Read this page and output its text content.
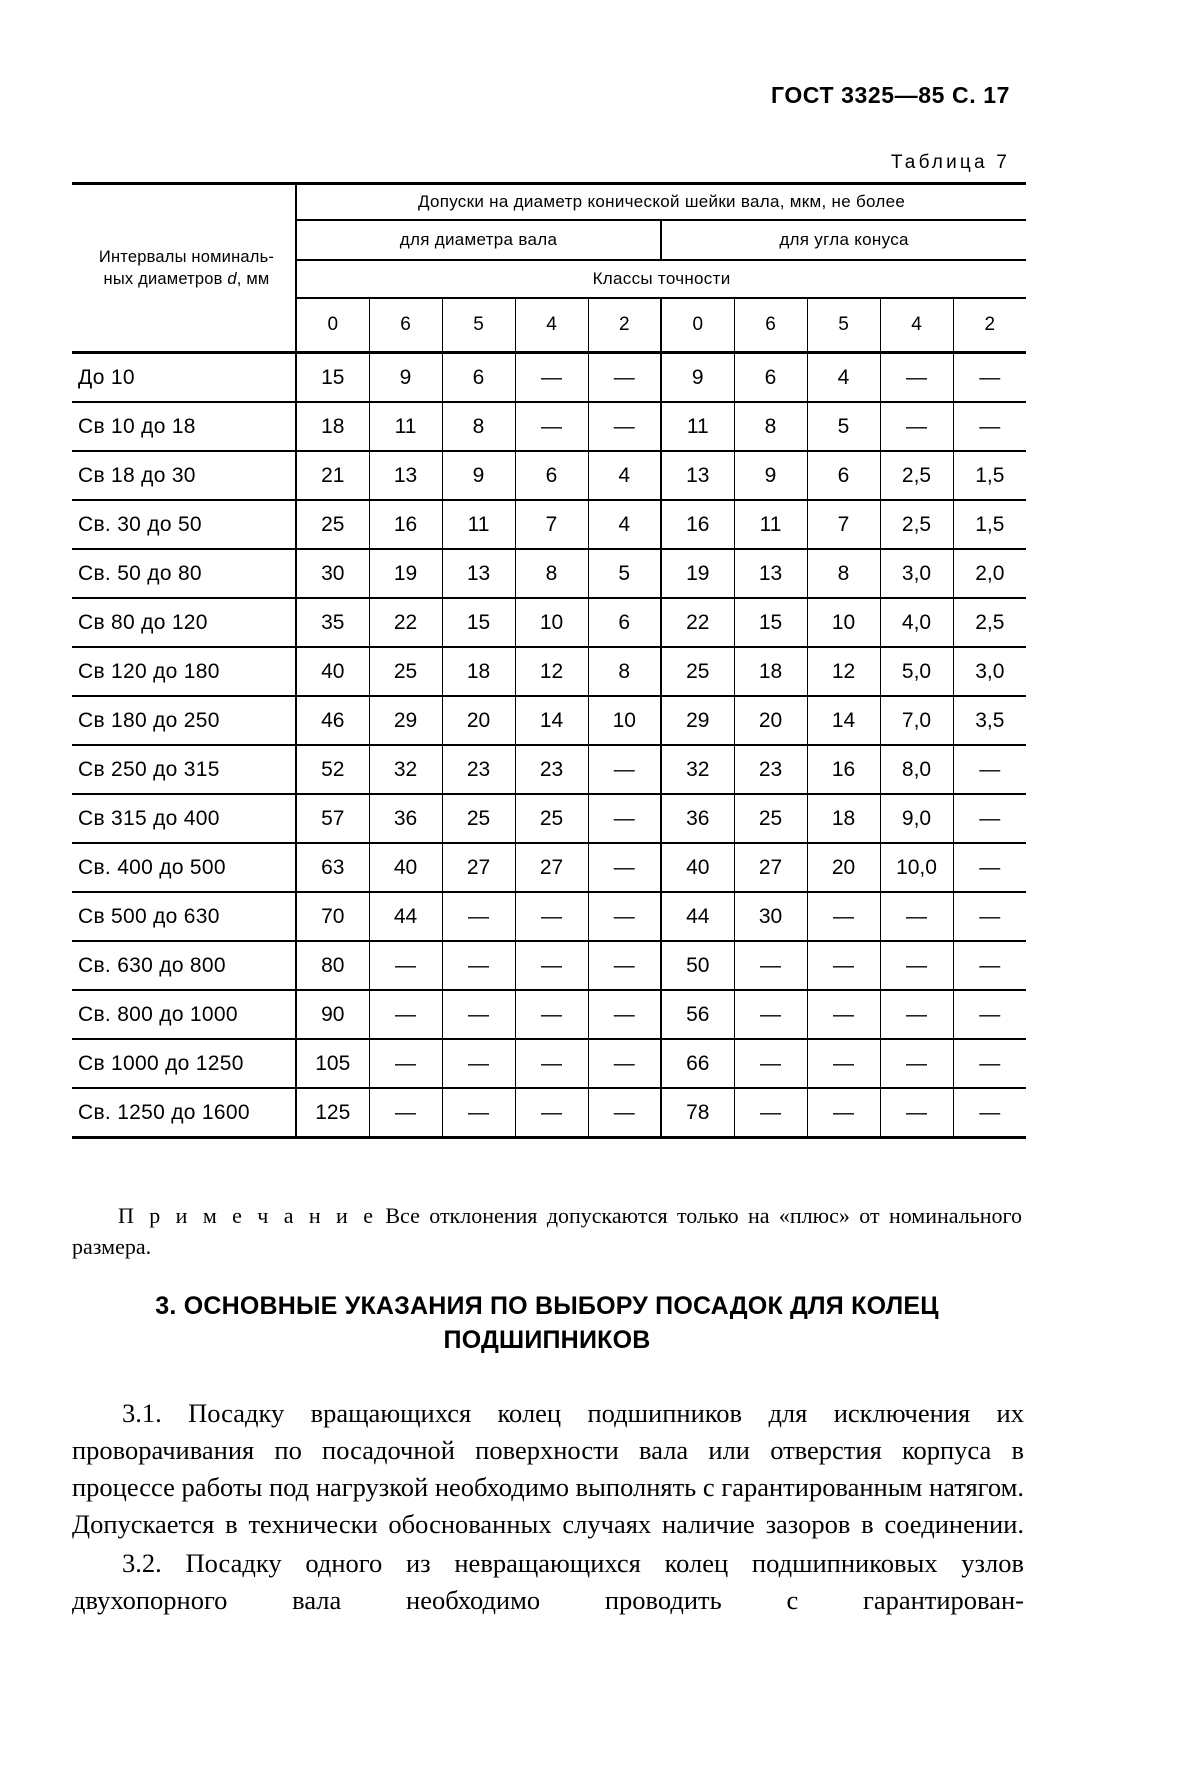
ГОСТ 3325—85 С. 17
Таблица 7
Интервалы номиналь-
ных диаметров d, мм	Допуски на диаметр конической шейки вала, мкм, не более									
	для диаметра вала					для угла конуса				
	Классы точности									
	0	6	5	4	2	0	6	5	4	2
До 10	15	9	6	—	—	9	6	4	—	—
Св 10 до 18	18	11	8	—	—	11	8	5	—	—
Св 18 до 30	21	13	9	6	4	13	9	6	2,5	1,5
Св. 30 до 50	25	16	11	7	4	16	11	7	2,5	1,5
Св. 50 до 80	30	19	13	8	5	19	13	8	3,0	2,0
Св 80 до 120	35	22	15	10	6	22	15	10	4,0	2,5
Св 120 до 180	40	25	18	12	8	25	18	12	5,0	3,0
Св 180 до 250	46	29	20	14	10	29	20	14	7,0	3,5
Св 250 до 315	52	32	23	23	—	32	23	16	8,0	—
Св 315 до 400	57	36	25	25	—	36	25	18	9,0	—
Св. 400 до 500	63	40	27	27	—	40	27	20	10,0	—
Св 500 до 630	70	44	—	—	—	44	30	—	—	—
Св. 630 до 800	80	—	—	—	—	50	—	—	—	—
Св. 800 до 1000	90	—	—	—	—	56	—	—	—	—
Св 1000 до 1250	105	—	—	—	—	66	—	—	—	—
Св. 1250 до 1600	125	—	—	—	—	78	—	—	—	—
П р и м е ч а н и е Все отклонения допускаются только на «плюс» от номинального размера.
3. ОСНОВНЫЕ УКАЗАНИЯ ПО ВЫБОРУ ПОСАДОК ДЛЯ КОЛЕЦ
ПОДШИПНИКОВ

3.1. Посадку вращающихся колец подшипников для исключения их проворачивания по посадочной поверхности вала или отверстия корпуса в процессе работы под нагрузкой необходимо выполнять с гарантированным натягом. Допускается в технически обоснованных случаях наличие зазоров в соединении.

3.2. Посадку одного из невращающихся колец подшипниковых узлов двухопорного вала необходимо проводить с гарантирован-
